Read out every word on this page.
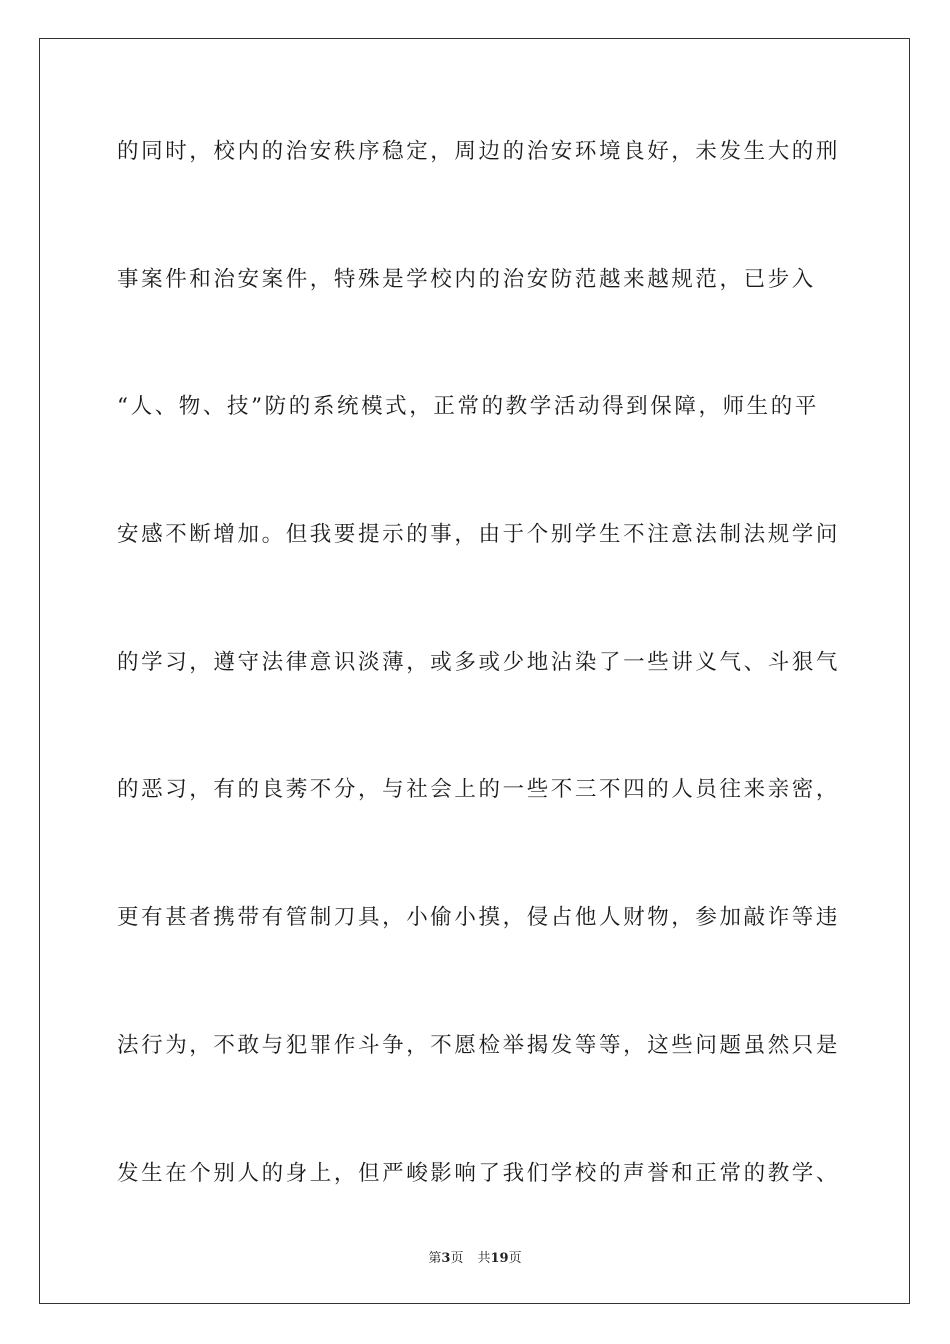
的同时，校内的治安秩序稳定，周边的治安环境良好，未发生大的刑
事案件和治安案件，特殊是学校内的治安防范越来越规范，已步入
“人、物、技”防的系统模式，正常的教学活动得到保障，师生的平
安感不断增加。但我要提示的事，由于个别学生不注意法制法规学问
的学习，遵守法律意识淡薄，或多或少地沾染了一些讲义气、斗狠气
的恶习，有的良莠不分，与社会上的一些不三不四的人员往来亲密，
更有甚者携带有管制刀具，小偷小摸，侵占他人财物，参加敲诈等违
法行为，不敢与犯罪作斗争，不愿检举揭发等等，这些问题虽然只是
发生在个别人的身上，但严峻影响了我们学校的声誉和正常的教学、
第3页 共19页
